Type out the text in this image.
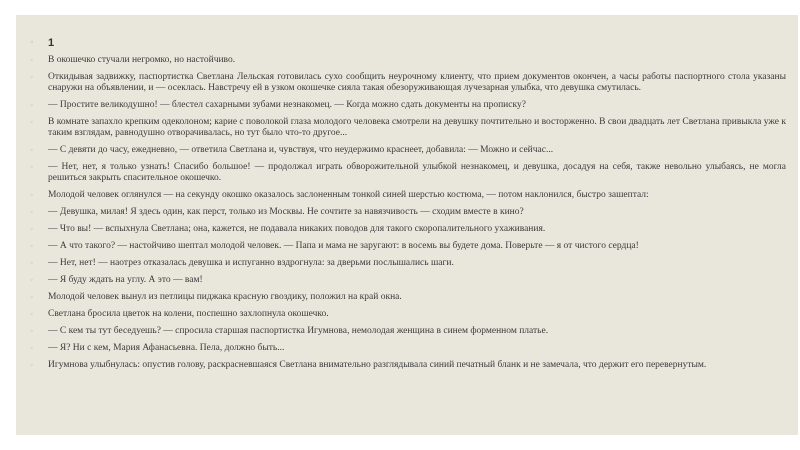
◦ 1
◦ В окошечко стучали негромко, но настойчиво.
◦ Откидывая задвижку, паспортистка Светлана Лельская готовилась сухо сообщить неурочному клиенту, что прием документов окончен, а часы работы паспортного стола указаны снаружи на объявлении, и — осеклась. Навстречу ей в узком окошечке сияла такая обезоруживающая лучезарная улыбка, что девушка смутилась.
◦ — Простите великодушно! — блестел сахарными зубами незнакомец. — Когда можно сдать документы на прописку?
◦ В комнате запахло крепким одеколоном; карие с поволокой глаза молодого человека смотрели на девушку почтительно и восторженно. В свои двадцать лет Светлана привыкла уже к таким взглядам, равнодушно отворачивалась, но тут было что-то другое...
◦ — С девяти до часу, ежедневно, — ответила Светлана и, чувствуя, что неудержимо краснеет, добавила: — Можно и сейчас...
◦ — Нет, нет, я только узнать! Спасибо большое! — продолжал играть обворожительной улыбкой незнакомец, и девушка, досадуя на себя, также невольно улыбаясь, не могла решиться закрыть спасительное окошечко.
◦ Молодой человек оглянулся — на секунду окошко оказалось заслоненным тонкой синей шерстью костюма, — потом наклонился, быстро зашептал:
◦ — Девушка, милая! Я здесь один, как перст, только из Москвы. Не сочтите за навязчивость — сходим вместе в кино?
◦ — Что вы! — вспыхнула Светлана; она, кажется, не подавала никаких поводов для такого скоропалительного ухаживания.
◦ — А что такого? — настойчиво шептал молодой человек. — Папа и мама не заругают: в восемь вы будете дома. Поверьте — я от чистого сердца!
◦ — Нет, нет! — наотрез отказалась девушка и испуганно вздрогнула: за дверьми послышались шаги.
◦ — Я буду ждать на углу. А это — вам!
◦ Молодой человек вынул из петлицы пиджака красную гвоздику, положил на край окна.
◦ Светлана бросила цветок на колени, поспешно захлопнула окошечко.
◦ — С кем ты тут беседуешь? — спросила старшая паспортистка Игумнова, немолодая женщина в синем форменном платье.
◦ — Я? Ни с кем, Мария Афанасьевна. Пела, должно быть...
◦ Игумнова улыбнулась: опустив голову, раскрасневшаяся Светлана внимательно разглядывала синий печатный бланк и не замечала, что держит его перевернутым.
